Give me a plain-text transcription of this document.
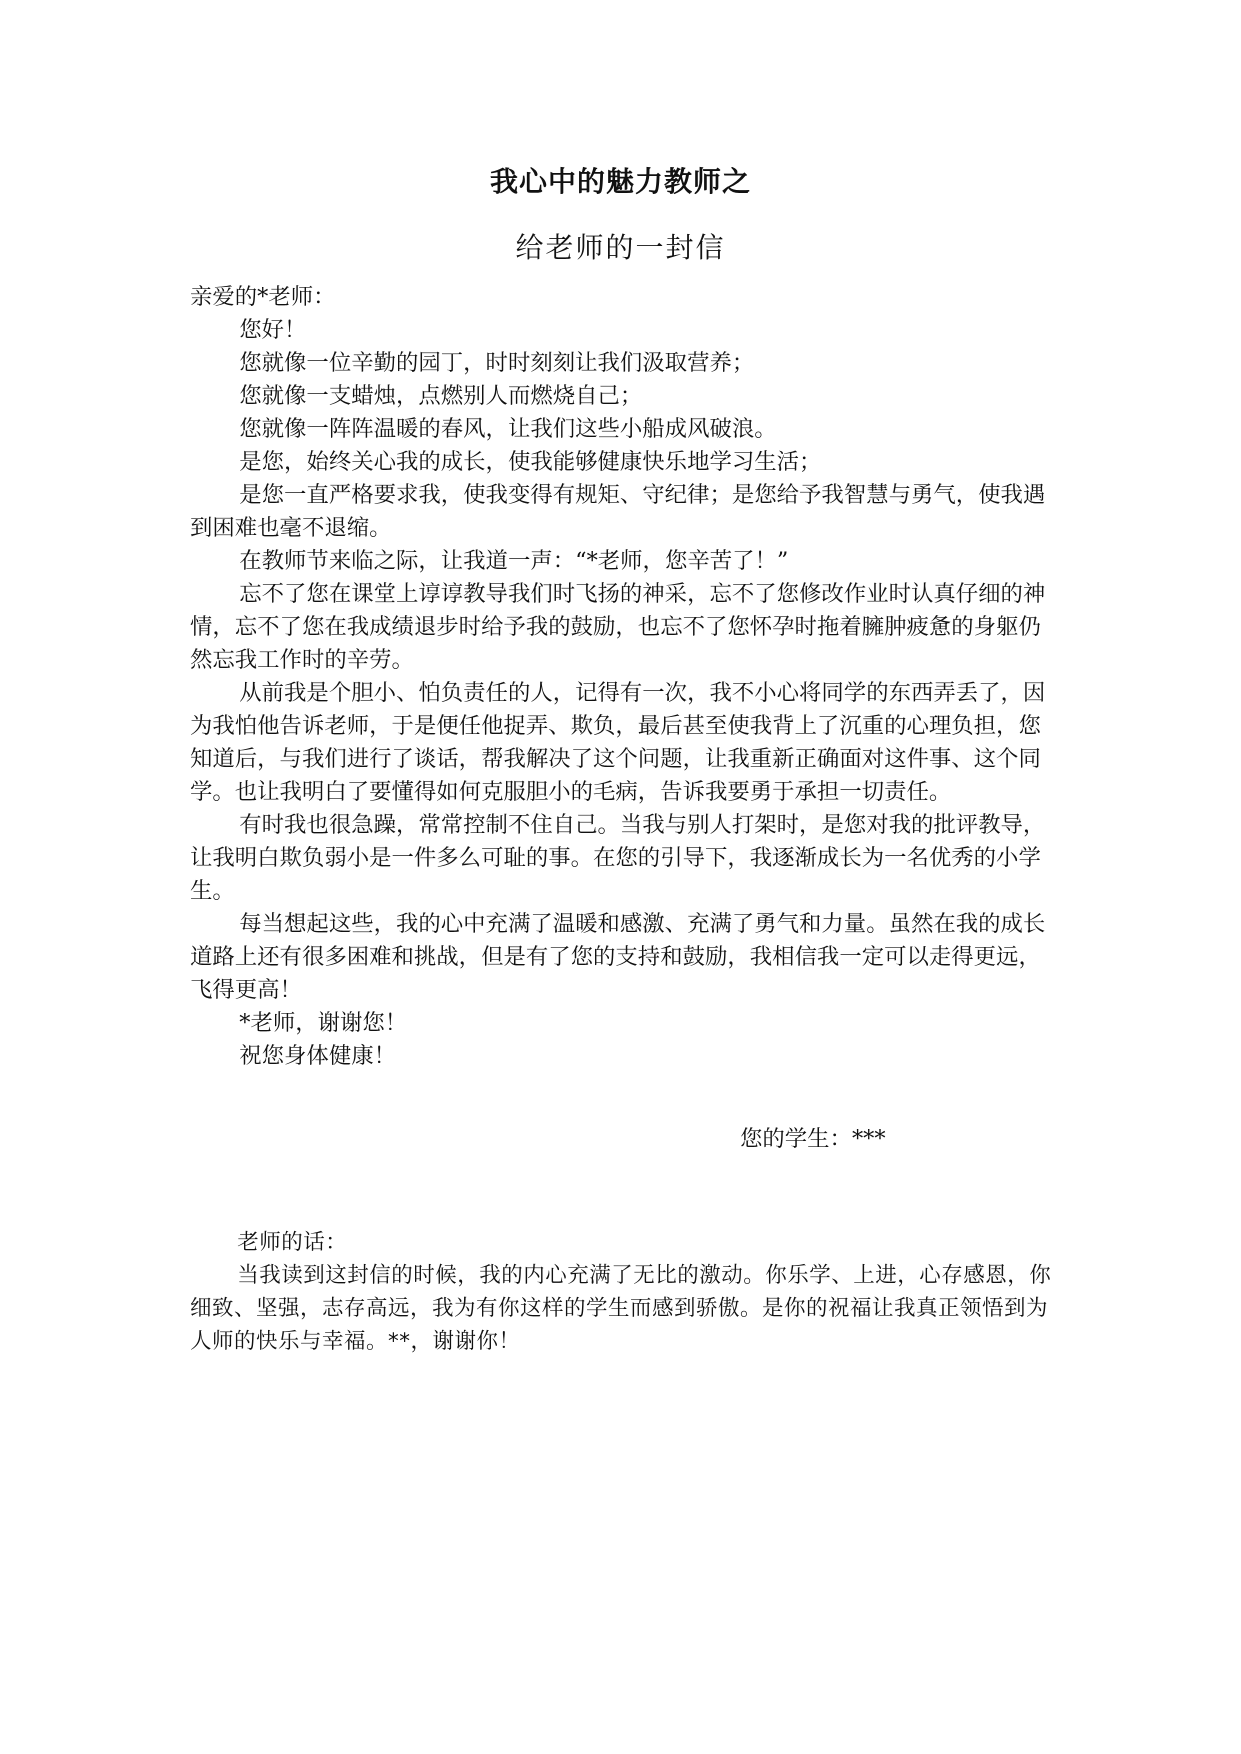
我心中的魅力教师之
给老师的一封信

亲爱的*老师：

您好！

您就像一位辛勤的园丁，时时刻刻让我们汲取营养；

您就像一支蜡烛，点燃别人而燃烧自己；

您就像一阵阵温暖的春风，让我们这些小船成风破浪。

是您，始终关心我的成长，使我能够健康快乐地学习生活；

是您一直严格要求我，使我变得有规矩、守纪律；是您给予我智慧与勇气，使我遇到困难也毫不退缩。

在教师节来临之际，让我道一声：“*老师，您辛苦了！”

忘不了您在课堂上谆谆教导我们时飞扬的神采，忘不了您修改作业时认真仔细的神情，忘不了您在我成绩退步时给予我的鼓励，也忘不了您怀孕时拖着臃肿疲惫的身躯仍然忘我工作时的辛劳。

从前我是个胆小、怕负责任的人，记得有一次，我不小心将同学的东西弄丢了，因为我怕他告诉老师，于是便任他捉弄、欺负，最后甚至使我背上了沉重的心理负担，您知道后，与我们进行了谈话，帮我解决了这个问题，让我重新正确面对这件事、这个同学。也让我明白了要懂得如何克服胆小的毛病，告诉我要勇于承担一切责任。

有时我也很急躁，常常控制不住自己。当我与别人打架时，是您对我的批评教导，让我明白欺负弱小是一件多么可耻的事。在您的引导下，我逐渐成长为一名优秀的小学生。

每当想起这些，我的心中充满了温暖和感激、充满了勇气和力量。虽然在我的成长道路上还有很多困难和挑战，但是有了您的支持和鼓励，我相信我一定可以走得更远，飞得更高！

*老师，谢谢您！

祝您身体健康！

您的学生：***

老师的话：

当我读到这封信的时候，我的内心充满了无比的激动。你乐学、上进，心存感恩，你细致、坚强，志存高远，我为有你这样的学生而感到骄傲。是你的祝福让我真正领悟到为人师的快乐与幸福。**，谢谢你！
